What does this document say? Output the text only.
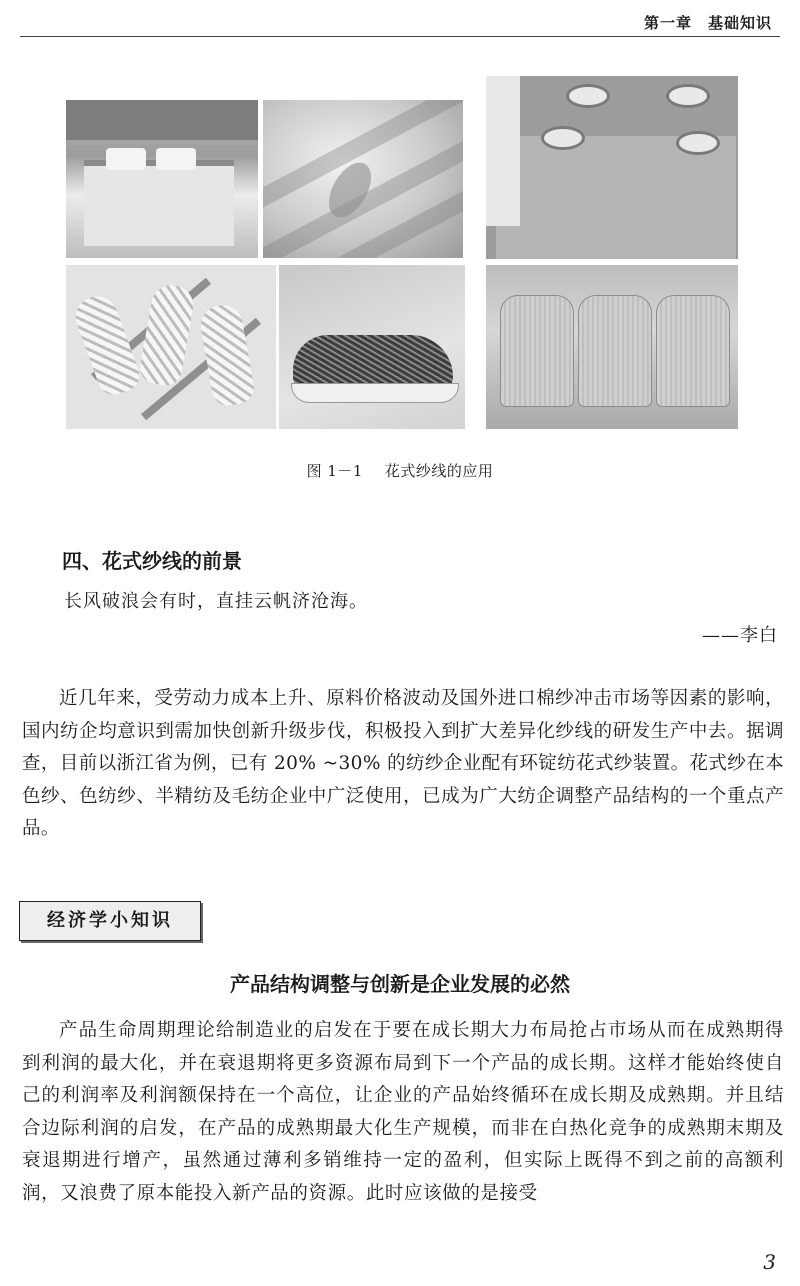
第一章　基础知识
图 1－1 花式纱线的应用
四、花式纱线的前景
长风破浪会有时，直挂云帆济沧海。
——李白
近几年来，受劳动力成本上升、原料价格波动及国外进口棉纱冲击市场等因素的影响，国内纺企均意识到需加快创新升级步伐，积极投入到扩大差异化纱线的研发生产中去。据调查，目前以浙江省为例，已有 20% ~30% 的纺纱企业配有环锭纺花式纱装置。花式纱在本色纱、色纺纱、半精纺及毛纺企业中广泛使用，已成为广大纺企调整产品结构的一个重点产品。
经济学小知识
产品结构调整与创新是企业发展的必然
产品生命周期理论给制造业的启发在于要在成长期大力布局抢占市场从而在成熟期得到利润的最大化，并在衰退期将更多资源布局到下一个产品的成长期。这样才能始终使自己的利润率及利润额保持在一个高位，让企业的产品始终循环在成长期及成熟期。并且结合边际利润的启发，在产品的成熟期最大化生产规模，而非在白热化竞争的成熟期末期及衰退期进行增产，虽然通过薄利多销维持一定的盈利，但实际上既得不到之前的高额利润，又浪费了原本能投入新产品的资源。此时应该做的是接受
3
